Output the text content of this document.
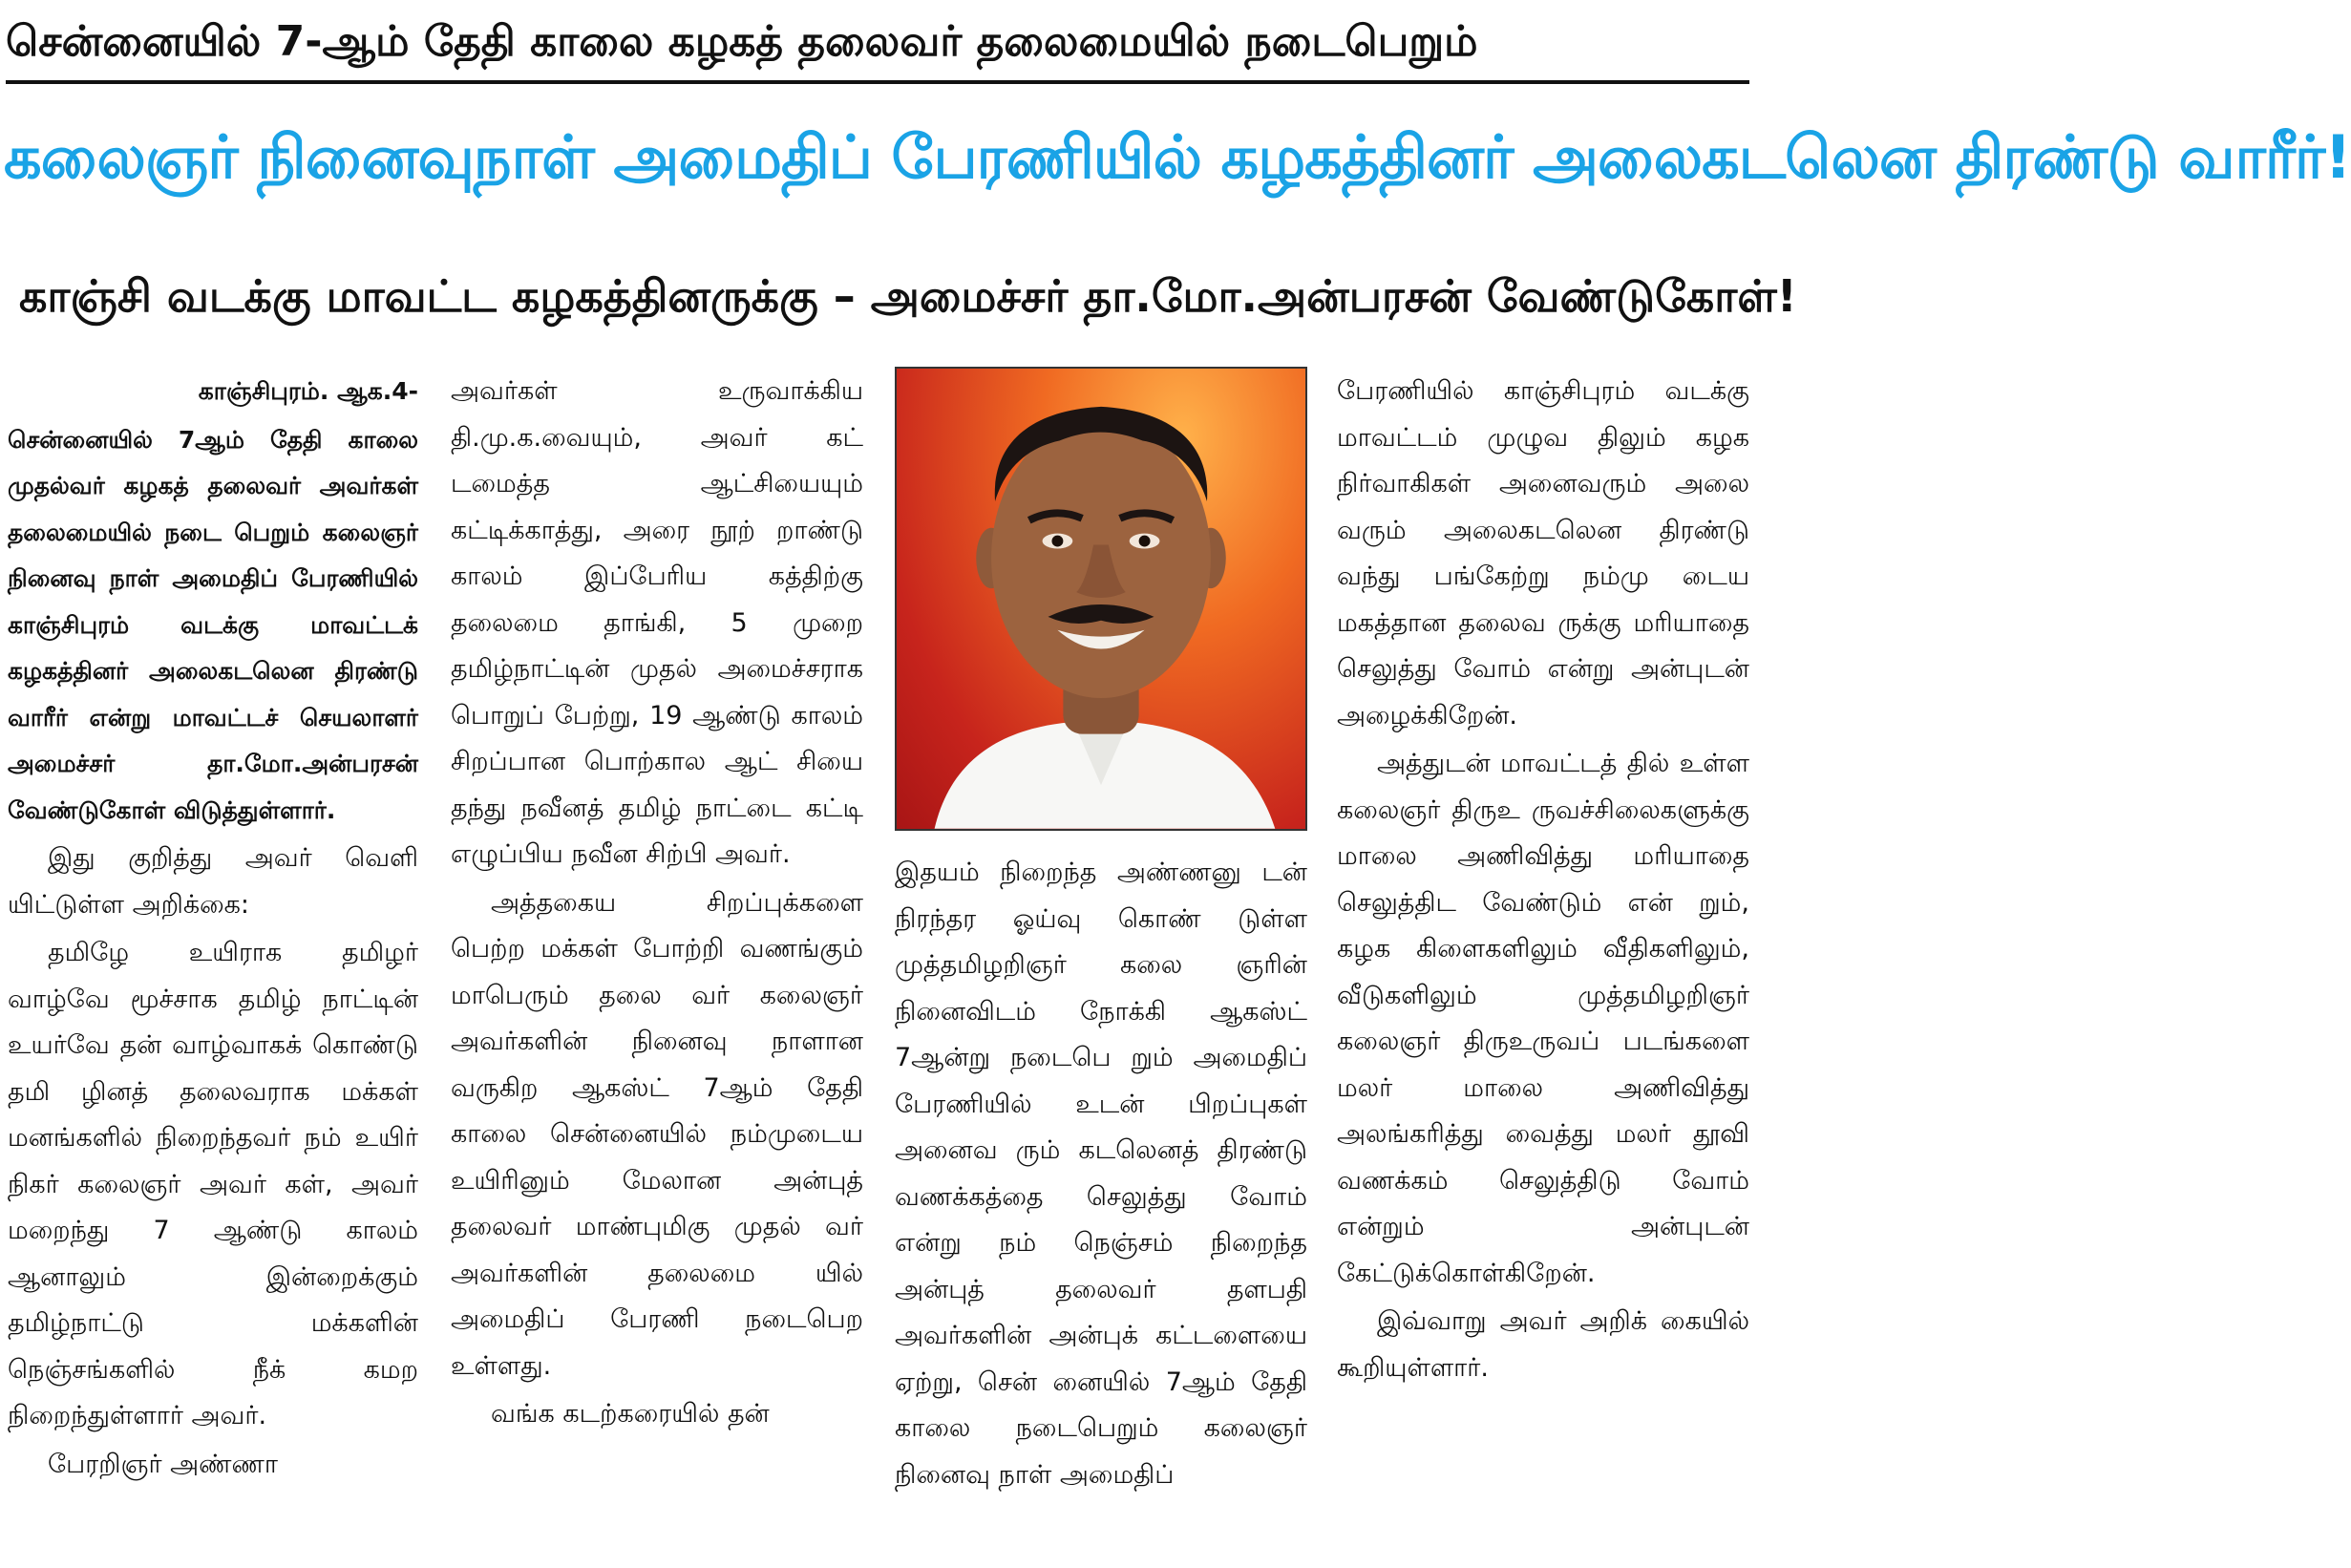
சென்னையில் 7-ஆம் தேதி காலை கழகத் தலைவர் தலைமையில் நடைபெறும்
கலைஞர் நினைவுநாள் அமைதிப் பேரணியில் கழகத்தினர் அலைகடலென திரண்டு வாரீர்!
காஞ்சி வடக்கு மாவட்ட கழகத்தினருக்கு – அமைச்சர் தா.மோ.அன்பரசன் வேண்டுகோள்!

காஞ்சிபுரம். ஆக.4-

சென்னையில் 7ஆம் தேதி காலை முதல்வர் கழகத் தலைவர் அவர்கள் தலைமையில் நடை பெறும் கலைஞர் நினைவு நாள் அமைதிப் பேரணியில் காஞ்சிபுரம் வடக்கு மாவட்டக் கழகத்தினர் அலைகடலென திரண்டு வாரீர் என்று மாவட்டச் செயலாளர் அமைச்சர் தா.மோ.அன்பரசன் வேண்டுகோள் விடுத்துள்ளார்.

இது குறித்து அவர் வெளி யிட்டுள்ள அறிக்கை:

தமிழே உயிராக தமிழர் வாழ்வே மூச்சாக தமிழ் நாட்டின் உயர்வே தன் வாழ்வாகக் கொண்டு தமி ழினத் தலைவராக மக்கள் மனங்களில் நிறைந்தவர் நம் உயிர் நிகர் கலைஞர் அவர் கள், அவர் மறைந்து 7 ஆண்டு காலம் ஆனாலும் இன்றைக்கும் தமிழ்நாட்டு மக்களின் நெஞ்சங்களில் நீக் கமற நிறைந்துள்ளார் அவர்.

பேரறிஞர் அண்ணா

அவர்கள் உருவாக்கிய தி.மு.க.வையும், அவர் கட் டமைத்த ஆட்சியையும் கட்டிக்காத்து, அரை நூற் றாண்டு காலம் இப்பேரிய கத்திற்கு தலைமை தாங்கி, 5 முறை தமிழ்நாட்டின் முதல் அமைச்சராக பொறுப் பேற்று, 19 ஆண்டு காலம் சிறப்பான பொற்கால ஆட் சியை தந்து நவீனத் தமிழ் நாட்டை கட்டி எழுப்பிய நவீன சிற்பி அவர்.

அத்தகைய சிறப்புக்களை பெற்ற மக்கள் போற்றி வணங்கும் மாபெரும் தலை வர் கலைஞர் அவர்களின் நினைவு நாளான வருகிற ஆகஸ்ட் 7ஆம் தேதி காலை சென்னையில் நம்முடைய உயிரினும் மேலான அன்புத் தலைவர் மாண்புமிகு முதல் வர் அவர்களின் தலைமை யில் அமைதிப் பேரணி நடைபெற உள்ளது.

வங்க கடற்கரையில் தன்

இதயம் நிறைந்த அண்ணனு டன் நிரந்தர ஓய்வு கொண் டுள்ள முத்தமிழறிஞர் கலை ஞரின் நினைவிடம் நோக்கி ஆகஸ்ட் 7ஆன்று நடைபெ றும் அமைதிப் பேரணியில் உடன் பிறப்புகள் அனைவ ரும் கடலெனத் திரண்டு வணக்கத்தை செலுத்து வோம் என்று நம் நெஞ்சம் நிறைந்த அன்புத் தலைவர் தளபதி அவர்களின் அன்புக் கட்டளையை ஏற்று, சென் னையில் 7ஆம் தேதி காலை நடைபெறும் கலைஞர் நினைவு நாள் அமைதிப்

பேரணியில் காஞ்சிபுரம் வடக்கு மாவட்டம் முழுவ திலும் கழக நிர்வாகிகள் அனைவரும் அலை வரும் அலைகடலென திரண்டு வந்து பங்கேற்று நம்மு டைய மகத்தான தலைவ ருக்கு மரியாதை செலுத்து வோம் என்று அன்புடன் அழைக்கிறேன்.

அத்துடன் மாவட்டத் தில் உள்ள கலைஞர் திருஉ ருவச்சிலைகளுக்கு மாலை அணிவித்து மரியாதை செலுத்திட வேண்டும் என் றும், கழக கிளைகளிலும் வீதிகளிலும், வீடுகளிலும் முத்தமிழறிஞர் கலைஞர் திருஉருவப் படங்களை மலர் மாலை அணிவித்து அலங்கரித்து வைத்து மலர் தூவி வணக்கம் செலுத்திடு வோம் என்றும் அன்புடன் கேட்டுக்கொள்கிறேன்.

இவ்வாறு அவர் அறிக் கையில் கூறியுள்ளார்.
